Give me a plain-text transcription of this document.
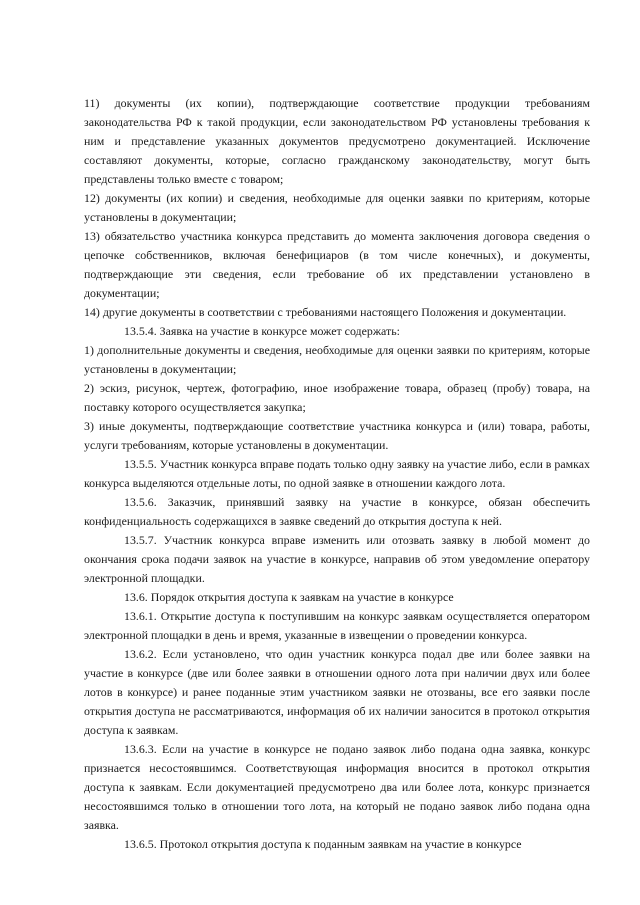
11) документы (их копии), подтверждающие соответствие продукции требованиям законодательства РФ к такой продукции, если законодательством РФ установлены требования к ним и представление указанных документов предусмотрено документацией. Исключение составляют документы, которые, согласно гражданскому законодательству, могут быть представлены только вместе с товаром;

12) документы (их копии) и сведения, необходимые для оценки заявки по критериям, которые установлены в документации;

13) обязательство участника конкурса представить до момента заключения договора сведения о цепочке собственников, включая бенефициаров (в том числе конечных), и документы, подтверждающие эти сведения, если требование об их представлении установлено в документации;

14) другие документы в соответствии с требованиями настоящего Положения и документации.

13.5.4. Заявка на участие в конкурсе может содержать:

1) дополнительные документы и сведения, необходимые для оценки заявки по критериям, которые установлены в документации;

2) эскиз, рисунок, чертеж, фотографию, иное изображение товара, образец (пробу) товара, на поставку которого осуществляется закупка;

3) иные документы, подтверждающие соответствие участника конкурса и (или) товара, работы, услуги требованиям, которые установлены в документации.

13.5.5. Участник конкурса вправе подать только одну заявку на участие либо, если в рамках конкурса выделяются отдельные лоты, по одной заявке в отношении каждого лота.

13.5.6. Заказчик, принявший заявку на участие в конкурсе, обязан обеспечить конфиденциальность содержащихся в заявке сведений до открытия доступа к ней.

13.5.7. Участник конкурса вправе изменить или отозвать заявку в любой момент до окончания срока подачи заявок на участие в конкурсе, направив об этом уведомление оператору электронной площадки.

13.6. Порядок открытия доступа к заявкам на участие в конкурсе

13.6.1. Открытие доступа к поступившим на конкурс заявкам осуществляется оператором электронной площадки в день и время, указанные в извещении о проведении конкурса.

13.6.2. Если установлено, что один участник конкурса подал две или более заявки на участие в конкурсе (две или более заявки в отношении одного лота при наличии двух или более лотов в конкурсе) и ранее поданные этим участником заявки не отозваны, все его заявки после открытия доступа не рассматриваются, информация об их наличии заносится в протокол открытия доступа к заявкам.

13.6.3. Если на участие в конкурсе не подано заявок либо подана одна заявка, конкурс признается несостоявшимся. Соответствующая информация вносится в протокол открытия доступа к заявкам. Если документацией предусмотрено два или более лота, конкурс признается несостоявшимся только в отношении того лота, на который не подано заявок либо подана одна заявка.

13.6.5. Протокол открытия доступа к поданным заявкам на участие в конкурсе
